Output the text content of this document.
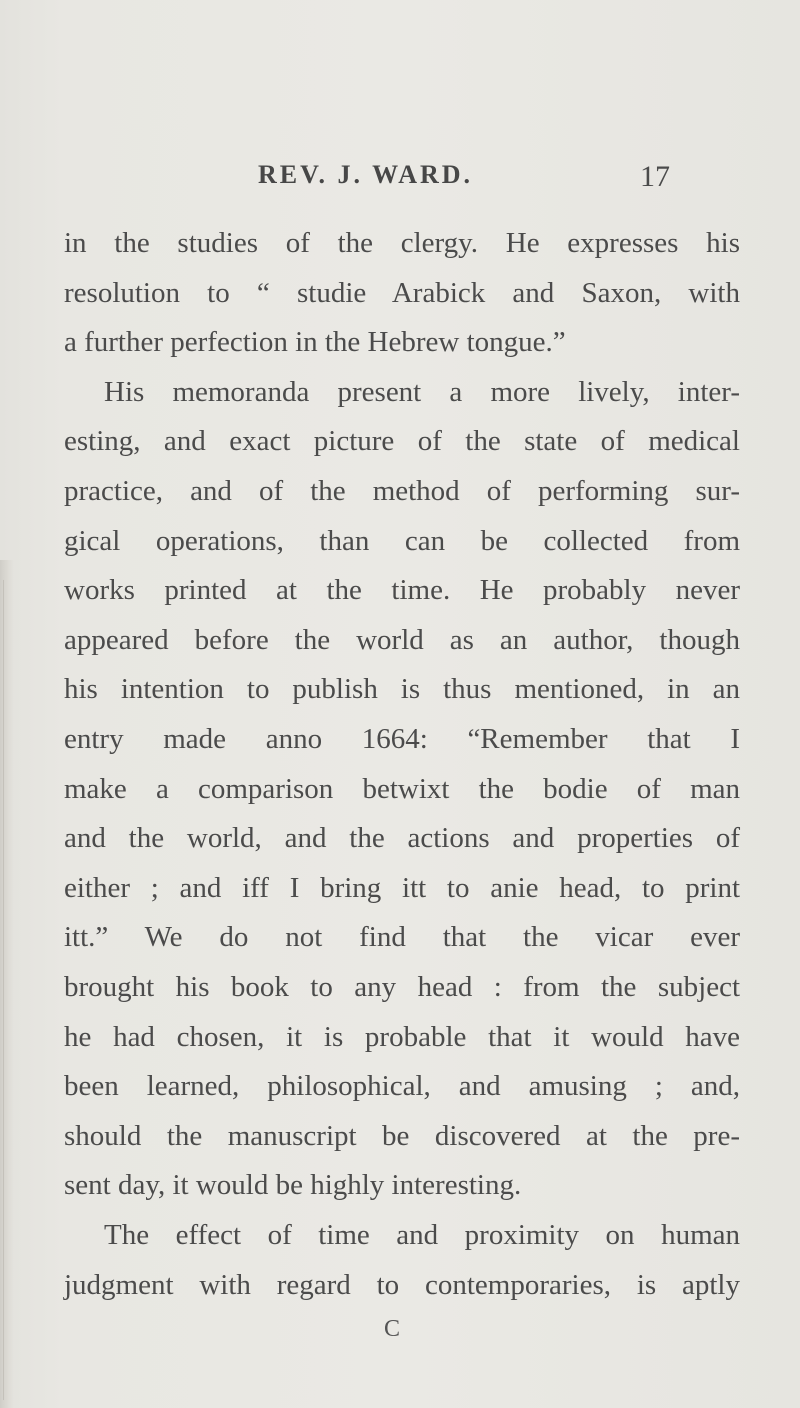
REV. J. WARD.	17
in the studies of the clergy. He expresses his
resolution to “ studie Arabick and Saxon, with
a further perfection in the Hebrew tongue.”
His memoranda present a more lively, inter-
esting, and exact picture of the state of medical
practice, and of the method of performing sur-
gical operations, than can be collected from
works printed at the time. He probably never
appeared before the world as an author, though
his intention to publish is thus mentioned, in an
entry made anno 1664: “Remember that I
make a comparison betwixt the bodie of man
and the world, and the actions and properties of
either ; and iff I bring itt to anie head, to print
itt.” We do not find that the vicar ever
brought his book to any head : from the subject
he had chosen, it is probable that it would have
been learned, philosophical, and amusing ; and,
should the manuscript be discovered at the pre-
sent day, it would be highly interesting.
The effect of time and proximity on human
judgment with regard to contemporaries, is aptly
C
